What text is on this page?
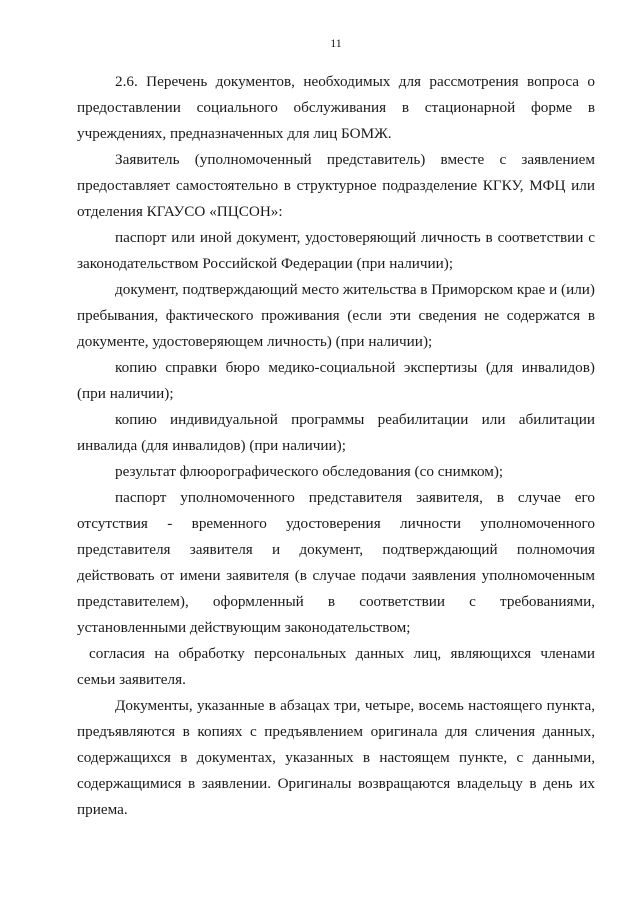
11

2.6. Перечень документов, необходимых для рассмотрения вопроса о предоставлении социального обслуживания в стационарной форме в учреждениях, предназначенных для лиц БОМЖ.

Заявитель (уполномоченный представитель) вместе с заявлением предоставляет самостоятельно в структурное подразделение КГКУ, МФЦ или отделения КГАУСО «ПЦСОН»:

паспорт или иной документ, удостоверяющий личность в соответствии с законодательством Российской Федерации (при наличии);

документ, подтверждающий место жительства в Приморском крае и (или) пребывания, фактического проживания (если эти сведения не содержатся в документе, удостоверяющем личность) (при наличии);

копию справки бюро медико-социальной экспертизы (для инвалидов) (при наличии);

копию индивидуальной программы реабилитации или абилитации инвалида (для инвалидов) (при наличии);

результат флюорографического обследования (со снимком);

паспорт уполномоченного представителя заявителя, в случае его отсутствия - временного удостоверения личности уполномоченного представителя заявителя и документ, подтверждающий полномочия действовать от имени заявителя (в случае подачи заявления уполномоченным представителем), оформленный в соответствии с требованиями, установленными действующим законодательством;

согласия на обработку персональных данных лиц, являющихся членами семьи заявителя.

Документы, указанные в абзацах три, четыре, восемь настоящего пункта, предъявляются в копиях с предъявлением оригинала для сличения данных, содержащихся в документах, указанных в настоящем пункте, с данными, содержащимися в заявлении. Оригиналы возвращаются владельцу в день их приема.
